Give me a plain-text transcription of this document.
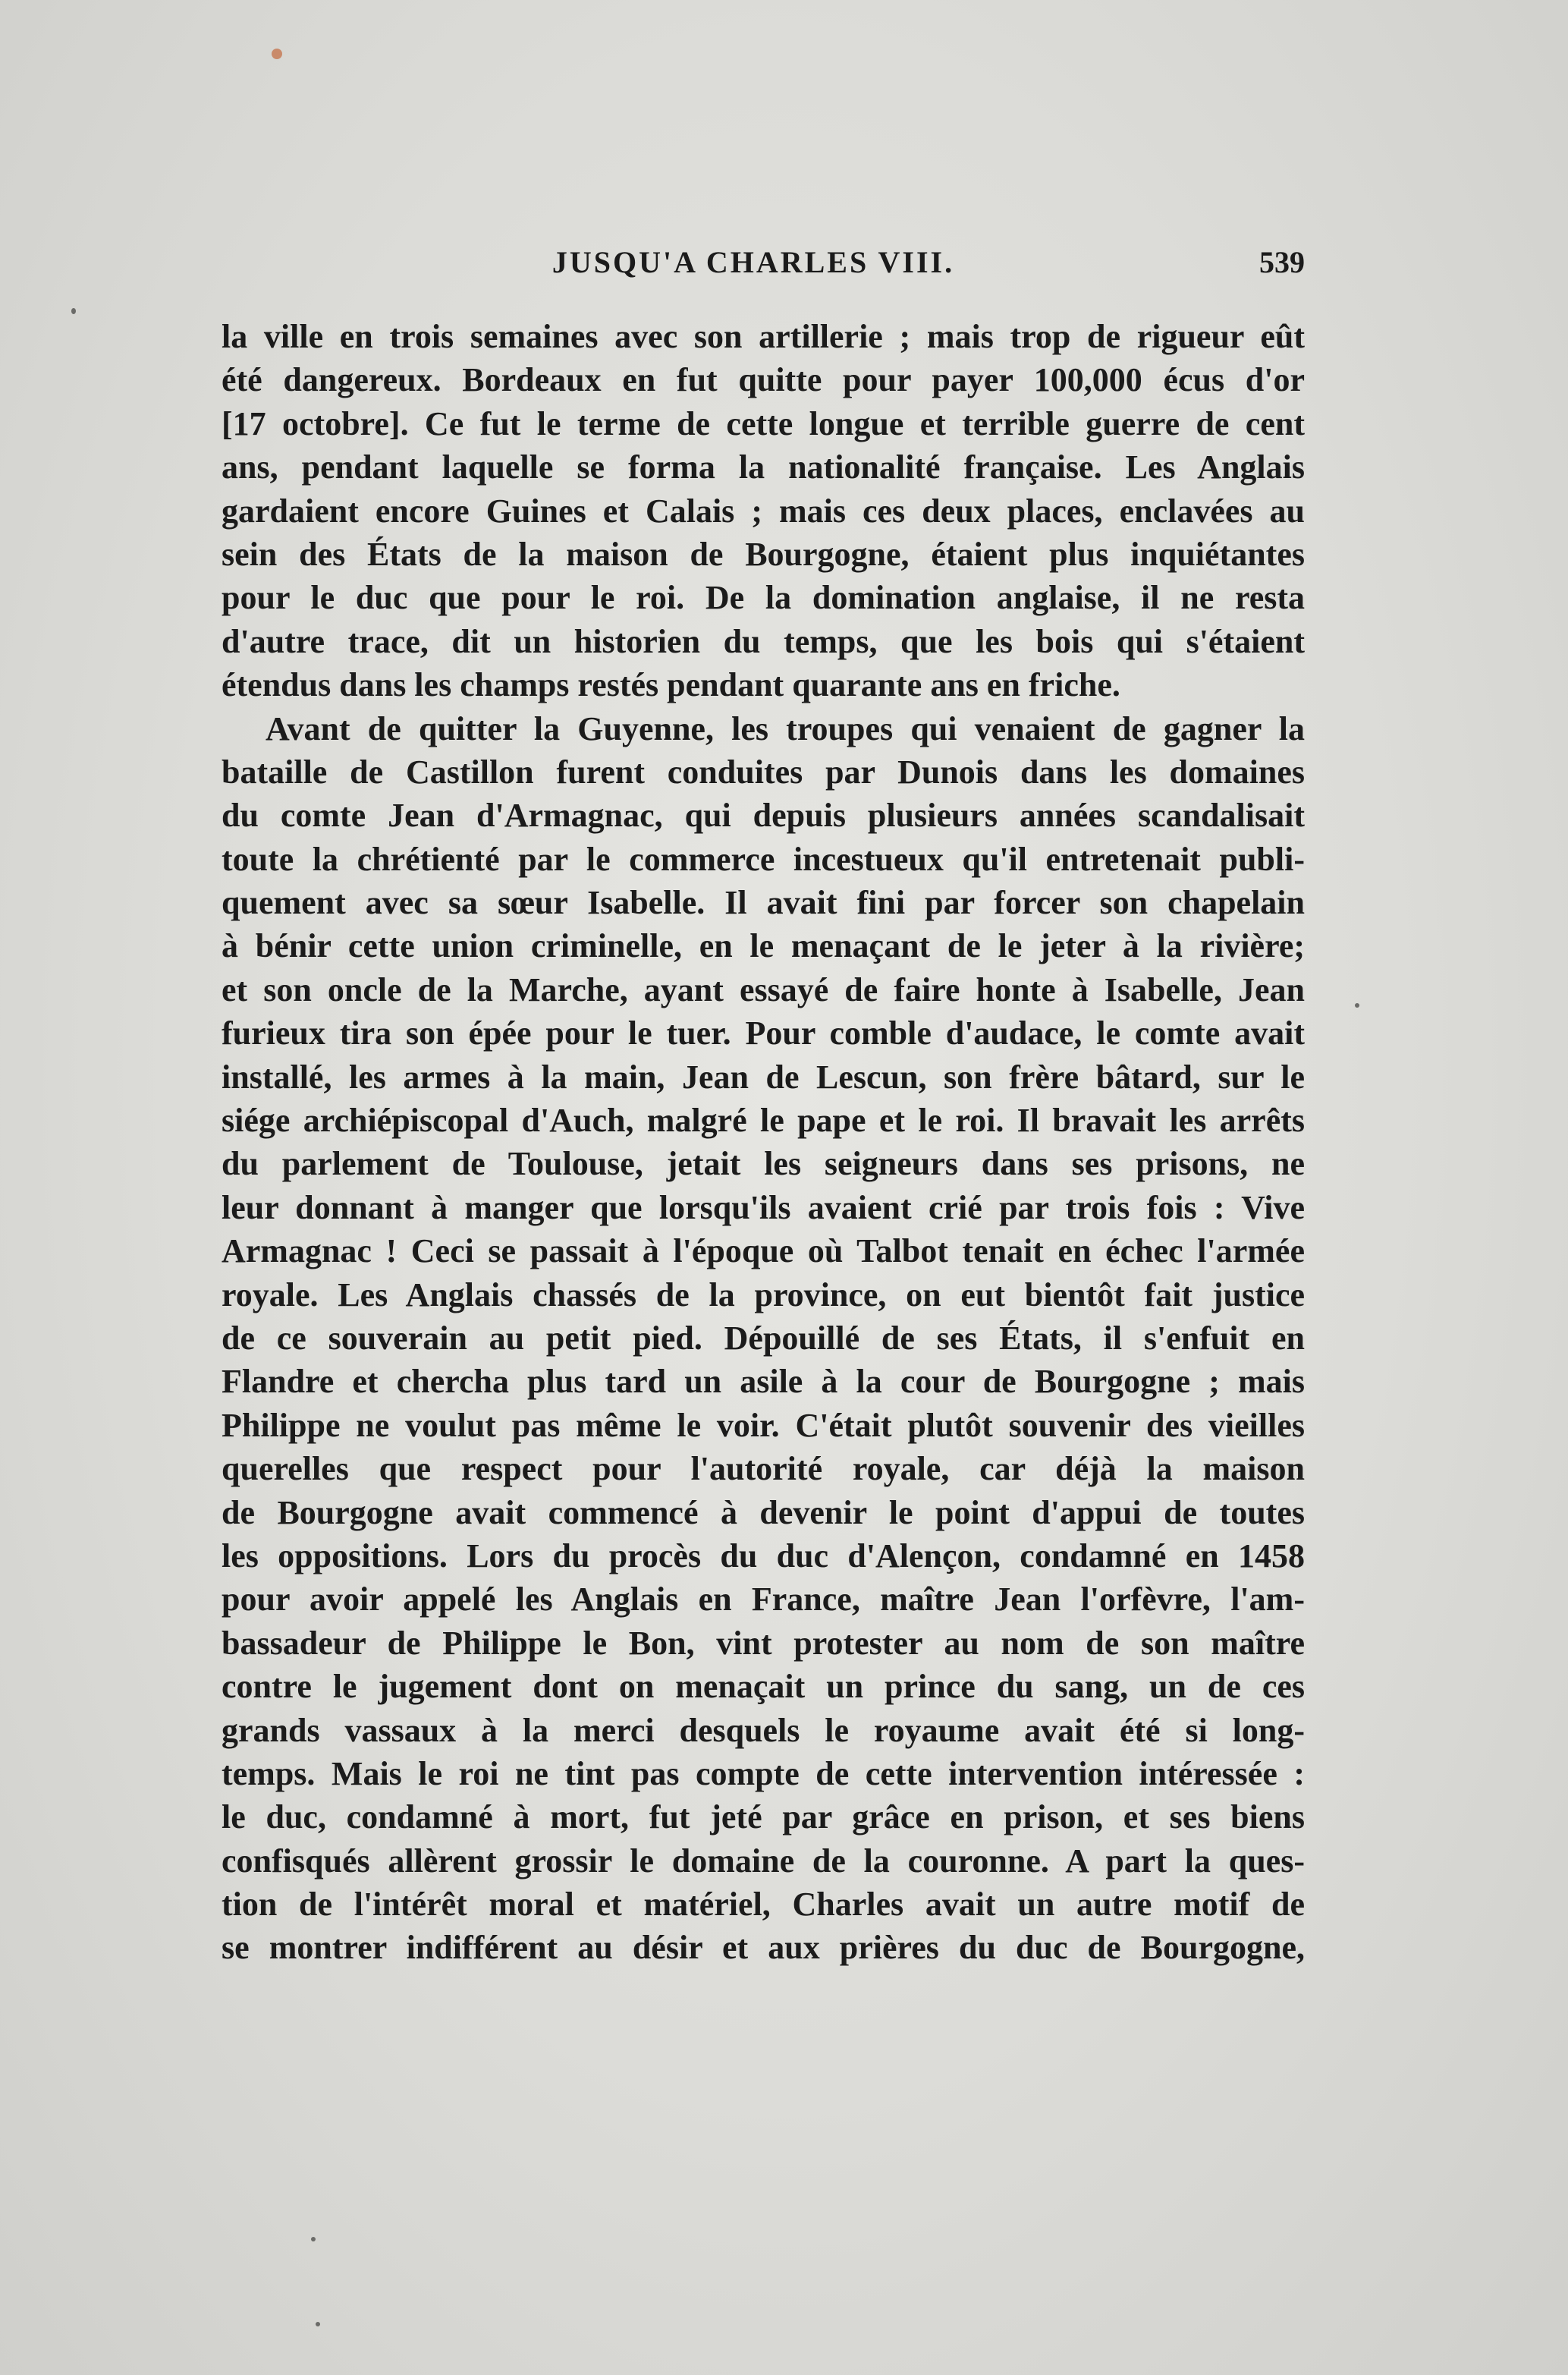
JUSQU'A CHARLES VIII.	539
la ville en trois semaines avec son artillerie ; mais trop de rigueur eût
été dangereux. Bordeaux en fut quitte pour payer 100,000 écus d'or
[17 octobre]. Ce fut le terme de cette longue et terrible guerre de cent
ans, pendant laquelle se forma la nationalité française. Les Anglais
gardaient encore Guines et Calais ; mais ces deux places, enclavées au
sein des États de la maison de Bourgogne, étaient plus inquiétantes
pour le duc que pour le roi. De la domination anglaise, il ne resta
d'autre trace, dit un historien du temps, que les bois qui s'étaient
étendus dans les champs restés pendant quarante ans en friche.
Avant de quitter la Guyenne, les troupes qui venaient de gagner la
bataille de Castillon furent conduites par Dunois dans les domaines
du comte Jean d'Armagnac, qui depuis plusieurs années scandalisait
toute la chrétienté par le commerce incestueux qu'il entretenait publi-
quement avec sa sœur Isabelle. Il avait fini par forcer son chapelain
à bénir cette union criminelle, en le menaçant de le jeter à la rivière;
et son oncle de la Marche, ayant essayé de faire honte à Isabelle, Jean
furieux tira son épée pour le tuer. Pour comble d'audace, le comte avait
installé, les armes à la main, Jean de Lescun, son frère bâtard, sur le
siége archiépiscopal d'Auch, malgré le pape et le roi. Il bravait les arrêts
du parlement de Toulouse, jetait les seigneurs dans ses prisons, ne
leur donnant à manger que lorsqu'ils avaient crié par trois fois : Vive
Armagnac ! Ceci se passait à l'époque où Talbot tenait en échec l'armée
royale. Les Anglais chassés de la province, on eut bientôt fait justice
de ce souverain au petit pied. Dépouillé de ses États, il s'enfuit en
Flandre et chercha plus tard un asile à la cour de Bourgogne ; mais
Philippe ne voulut pas même le voir. C'était plutôt souvenir des vieilles
querelles que respect pour l'autorité royale, car déjà la maison
de Bourgogne avait commencé à devenir le point d'appui de toutes
les oppositions. Lors du procès du duc d'Alençon, condamné en 1458
pour avoir appelé les Anglais en France, maître Jean l'orfèvre, l'am-
bassadeur de Philippe le Bon, vint protester au nom de son maître
contre le jugement dont on menaçait un prince du sang, un de ces
grands vassaux à la merci desquels le royaume avait été si long-
temps. Mais le roi ne tint pas compte de cette intervention intéressée :
le duc, condamné à mort, fut jeté par grâce en prison, et ses biens
confisqués allèrent grossir le domaine de la couronne. A part la ques-
tion de l'intérêt moral et matériel, Charles avait un autre motif de
se montrer indifférent au désir et aux prières du duc de Bourgogne,
